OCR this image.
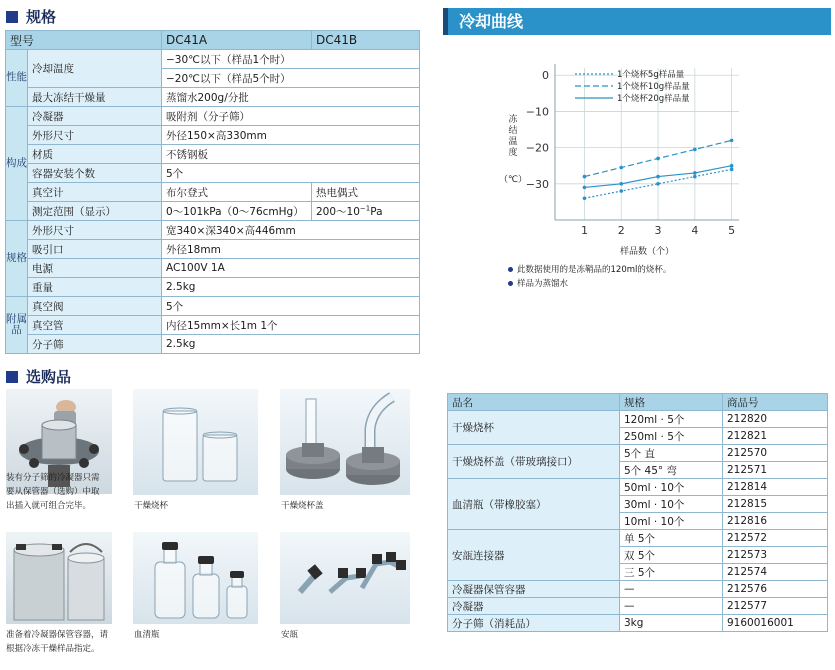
规格
型号		DC41A	DC41B
性能	冷却温度	−30℃以下（样品1个时）	
		−20℃以下（样品5个时）	
	最大冻结干燥量	蒸馏水200g/分批	
构成	冷凝器	吸附剂（分子筛）	
	外形尺寸	外径150×高330mm	
	材质	不锈钢板	
	容器安装个数	5个	
	真空计	布尔登式	热电偶式
	测定范围（显示）	0～101kPa（0～76cmHg）	$200\sim 10^{-1}Pa$
规格	外形尺寸	宽340×深340×高446mm	
	吸引口	外径18mm	
	电源	AC100V 1A	
	重量	2.5kg	
附属品	真空阀	5个	
	真空管	内径15mm×长1m 1个	
	分子筛	2.5kg	
冷却曲线
0
−10
−20
−30
1	2	3	4	5
样品数（个）
冻
结
温
度
（℃）
1个烧杯5g样品量
1个烧杯10g样品量
1个烧杯20g样品量
此数据使用的是冻鞘品的120ml的烧杯。
样品为蒸馏水
选购品
装有分子筛的冷凝器只需
要从保管器（选购）中取
出插入就可组合完毕。	干燥烧杯	干燥烧杯盖
准备着冷凝器保管容器，请
根据冷冻干燥样品指定。
血清瓶	安瓿
品名	规格	商品号
干燥烧杯	120ml · 5个	212820
	250ml · 5个	212821
干燥烧杯盖（带玻璃接口）	5个 直	212570
	5个 45° 弯	212571
血清瓶（带橡胶塞）	50ml · 10个	212814
	30ml · 10个	212815
	10ml · 10个	212816
安瓿连接器	单 5个	212572
	双 5个	212573
	三 5个	212574
冷凝器保管容器	—	212576
冷凝器	—	212577
分子筛（消耗品）	3kg	9160016001
